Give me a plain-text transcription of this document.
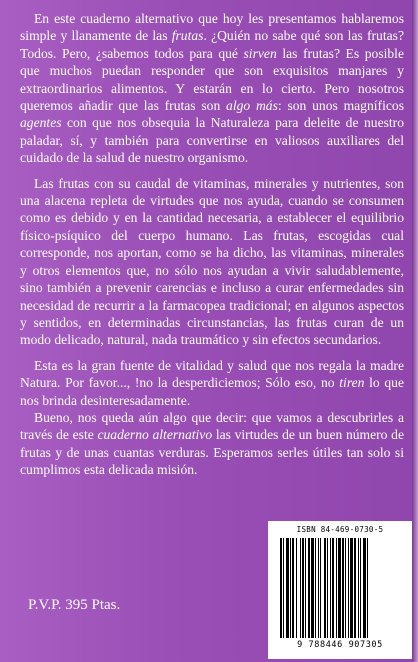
En este cuaderno alternativo que hoy les presentamos hablaremos simple y llanamente de las frutas. ¿Quién no sabe qué son las frutas? Todos. Pero, ¿sabemos todos para qué sirven las frutas? Es posible que muchos puedan responder que son exquisitos manjares y extraordinarios alimentos. Y estarán en lo cierto. Pero nosotros queremos añadir que las frutas son algo más: son unos magníficos agentes con que nos obsequia la Naturaleza para deleite de nuestro paladar, sí, y también para convertirse en valiosos auxiliares del cuidado de la salud de nuestro organismo.

Las frutas con su caudal de vitaminas, minerales y nutrientes, son una alacena repleta de virtudes que nos ayuda, cuando se consumen como es debido y en la cantidad necesaria, a establecer el equilibrio físico-psíquico del cuerpo humano. Las frutas, escogidas cual corresponde, nos aportan, como se ha dicho, las vitaminas, minerales y otros elementos que, no sólo nos ayudan a vivir saludablemente, sino también a prevenir carencias e incluso a curar enfermedades sin necesidad de recurrir a la farmacopea tradicional; en algunos aspectos y sentidos, en determinadas circunstancias, las frutas curan de un modo delicado, natural, nada traumático y sin efectos secundarios.

Esta es la gran fuente de vitalidad y salud que nos regala la madre Natura. Por favor..., !no la desperdiciemos; Sólo eso, no tiren lo que nos brinda desinteresadamente.

Bueno, nos queda aún algo que decir: que vamos a descubrirles a través de este cuaderno alternativo las virtudes de un buen número de frutas y de unas cuantas verduras. Esperamos serles útiles tan solo si cumplimos esta delicada misión.

P.V.P. 395 Ptas.
ISBN 84-469-0730-5
9 788446 907305
